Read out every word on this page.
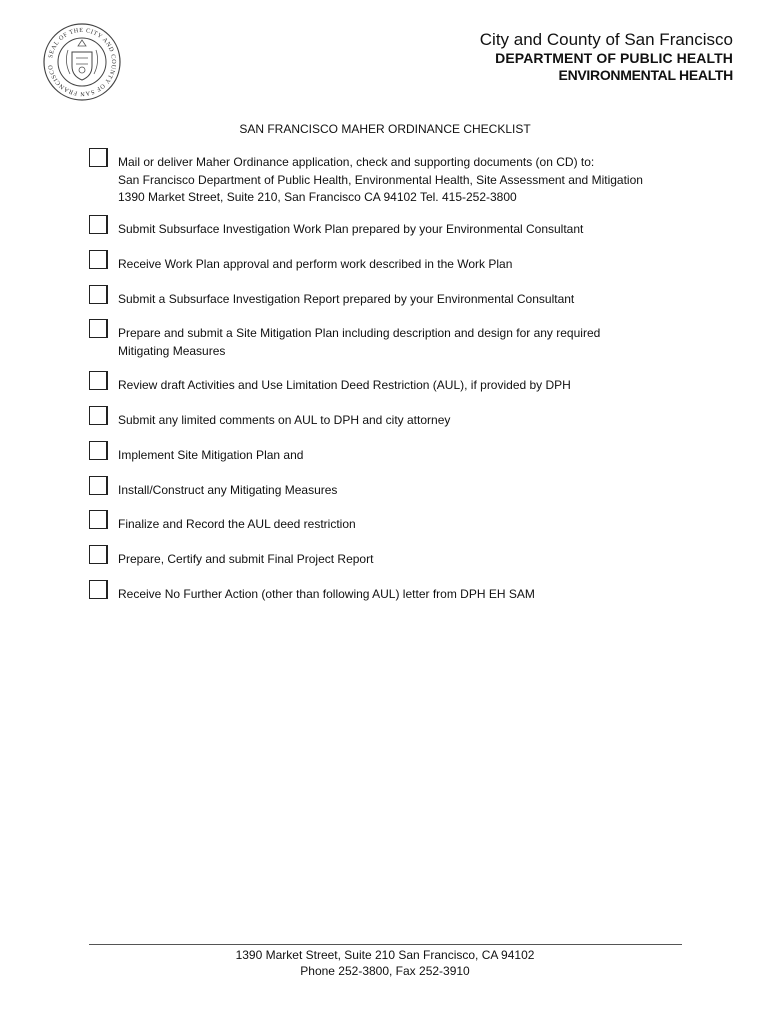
SEAL OF THE CITY AND COUNTY OF SAN FRANCISCO
City and County of San Francisco
DEPARTMENT OF PUBLIC HEALTH
ENVIRONMENTAL HEALTH
SAN FRANCISCO MAHER ORDINANCE CHECKLIST
Mail or deliver Maher Ordinance application, check and supporting documents (on CD) to:
San Francisco Department of Public Health, Environmental Health, Site Assessment and Mitigation
1390 Market Street, Suite 210, San Francisco CA 94102 Tel. 415-252-3800
Submit Subsurface Investigation Work Plan prepared by your Environmental Consultant
Receive Work Plan approval and perform work described in the Work Plan
Submit a Subsurface Investigation Report prepared by your Environmental Consultant
Prepare and submit a Site Mitigation Plan including description and design for any required
Mitigating Measures
Review draft Activities and Use Limitation Deed Restriction (AUL), if provided by DPH
Submit any limited comments on AUL to DPH and city attorney
Implement Site Mitigation Plan and
Install/Construct any Mitigating Measures
Finalize and Record the AUL deed restriction
Prepare, Certify and submit Final Project Report
Receive No Further Action (other than following AUL) letter from DPH EH SAM
1390 Market Street, Suite 210 San Francisco, CA 94102
Phone 252-3800, Fax 252-3910
